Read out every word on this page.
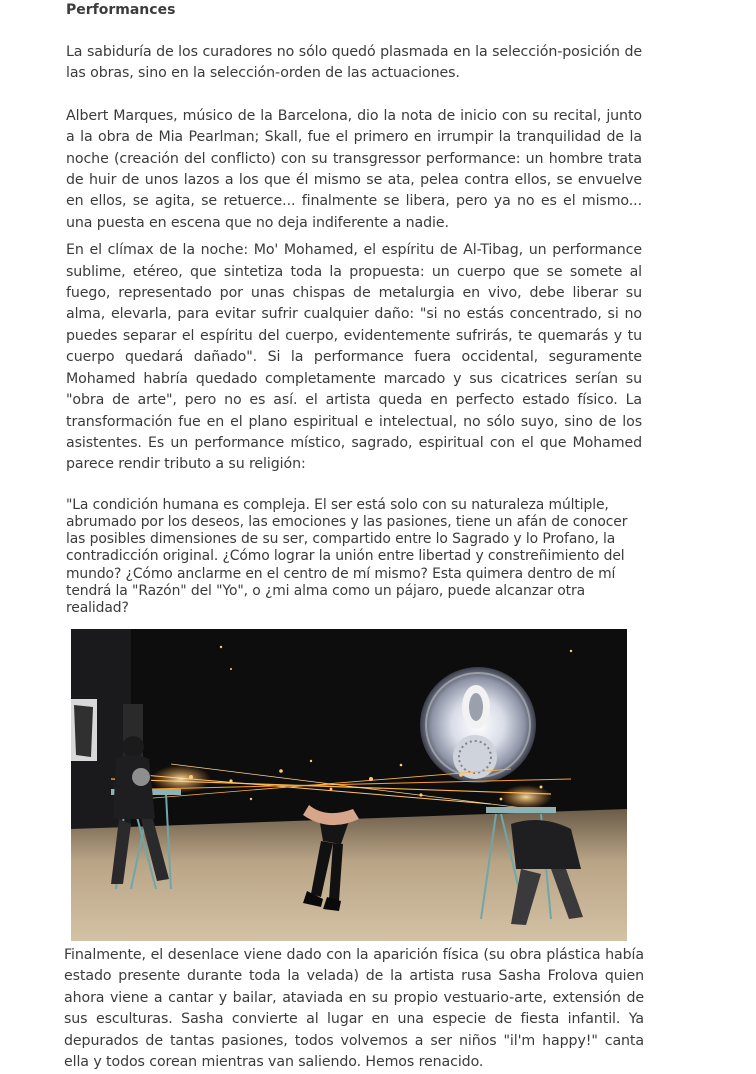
Performances

La sabiduría de los curadores no sólo quedó plasmada en la selección-posición de las obras, sino en la selección-orden de las actuaciones.

Albert Marques, músico de la Barcelona, dio la nota de inicio con su recital, junto a la obra de Mia Pearlman; Skall, fue el primero en irrumpir la tranquilidad de la noche (creación del conflicto) con su transgressor performance: un hombre trata de huir de unos lazos a los que él mismo se ata, pelea contra ellos, se envuelve en ellos, se agita, se retuerce... finalmente se libera, pero ya no es el mismo... una puesta en escena que no deja indiferente a nadie.

En el clímax de la noche: Mo' Mohamed, el espíritu de Al-Tibag, un performance sublime, etéreo, que sintetiza toda la propuesta: un cuerpo que se somete al fuego, representado por unas chispas de metalurgia en vivo, debe liberar su alma, elevarla, para evitar sufrir cualquier daño: "si no estás concentrado, si no puedes separar el espíritu del cuerpo, evidentemente sufrirás, te quemarás y tu cuerpo quedará dañado". Si la performance fuera occidental, seguramente Mohamed habría quedado completamente marcado y sus cicatrices serían su "obra de arte", pero no es así. el artista queda en perfecto estado físico. La transformación fue en el plano espiritual e intelectual, no sólo suyo, sino de los asistentes. Es un performance místico, sagrado, espiritual con el que Mohamed parece rendir tributo a su religión:

"La condición humana es compleja. El ser está solo con su naturaleza múltiple, abrumado por los deseos, las emociones y las pasiones, tiene un afán de conocer las posibles dimensiones de su ser, compartido entre lo Sagrado y lo Profano, la contradicción original. ¿Cómo lograr la unión entre libertad y constreñimiento del mundo? ¿Cómo anclarme en el centro de mí mismo? Esta quimera dentro de mí tendrá la "Razón" del "Yo", o ¿mi alma como un pájaro, puede alcanzar otra realidad?

Finalmente, el desenlace viene dado con la aparición física (su obra plástica había estado presente durante toda la velada) de la artista rusa Sasha Frolova quien ahora viene a cantar y bailar, ataviada en su propio vestuario-arte, extensión de sus esculturas. Sasha convierte al lugar en una especie de fiesta infantil. Ya depurados de tantas pasiones, todos volvemos a ser niños "il'm happy!" canta ella y todos corean mientras van saliendo. Hemos renacido.
